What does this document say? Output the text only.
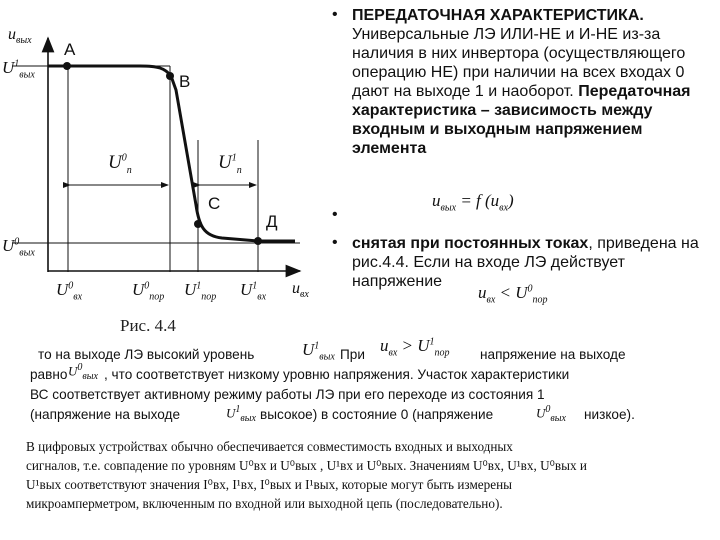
$u_{вых}$
$u_{вх}$
А
В
С
Д
$U^1_{вых}$
$U^0_{вых}$
$U^0_n$	$U^1_n$
$U^0_{вх}$	$U^0_{пор}$ $U^1_{пор}$ $U^1_{вх}$
Рис. 4.4
• ПЕРЕДАТОЧНАЯ ХАРАКТЕРИСТИКА. Универсальные ЛЭ ИЛИ-НЕ и И-НЕ из-за наличия в них инвертора (осуществляющего операцию НЕ) при наличии на всех входах 0 дают на выходе 1 и наоборот. Передаточная характеристика – зависимость между входным и выходным напряжением элемента
•
$u_{вых} = f$ $(u_{вх})$
• снятая при постоянных токах, приведена на рис.4.4. Если на входе ЛЭ действует напряжение
$u_{вх} < U^0_{пор}$
то на выходе ЛЭ высокий уровень	$U^1_{вых}$ При $u_{вх} > U^1_{пор}$ напряжение на выходе
равно $U^0_{вых}$ , что соответствует низкому уровню напряжения. Участок характеристики
ВС соответствует активному режиму работы ЛЭ при его переходе из состояния 1
(напряжение на выходе	$U^1_{вых}$ высокое) в состояние 0 (напряжение	$U^0_{вых}$ низкое).
В цифровых устройствах обычно обеспечивается совместимость входных и выходных
сигналов, т.е. совпадение по уровням U⁰вх и U⁰вых , U¹вх и U⁰вых. Значениям U⁰вх, U¹вх, U⁰вых и
U¹вых соответствуют значения I⁰вх, I¹вх, I⁰вых и I¹вых, которые могут быть измерены
микроамперметром, включенным по входной или выходной цепь (последовательно).
